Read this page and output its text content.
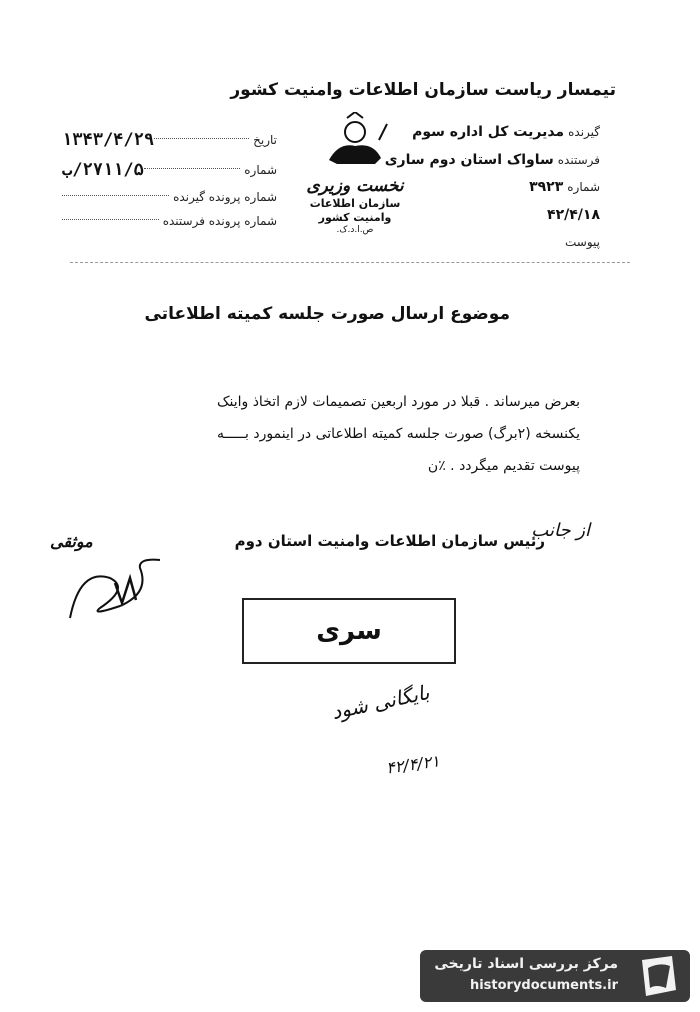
تیمسار ریاست سازمان اطلاعات وامنیت کشور
گیرنده
مدیریت کل اداره سوم
فرستنده
ساواک استان دوم ساری
شماره
۳۹۲۳
۴۲/۴/۱۸
پیوست
نخست وزیری
سازمان اطلاعات وامنیت کشور
ص.ا.د.ک.
تاریخ
۱۳۴۳/۴/۲۹
شماره
۲۷۱۱/۵/ب
شماره پرونده گیرنده
شماره پرونده فرستنده
موضوع ارسال صورت جلسه کمیته اطلاعاتی

بعرض میرساند . قبلا در مورد اربعین تصمیمات لازم اتخاذ واینک

یکنسخه (۲برگ) صورت جلسه کمیته اطلاعاتی در اینمورد بـــــه

پیوست تقدیم میگردد . ٪ن

از جانب
رئیس سازمان اطلاعات وامنیت استان دوم
موثقی
سری
بایگانی شود
۴۲/۴/۲۱
مرکز بررسی اسناد تاریخی
historydocuments.ir
